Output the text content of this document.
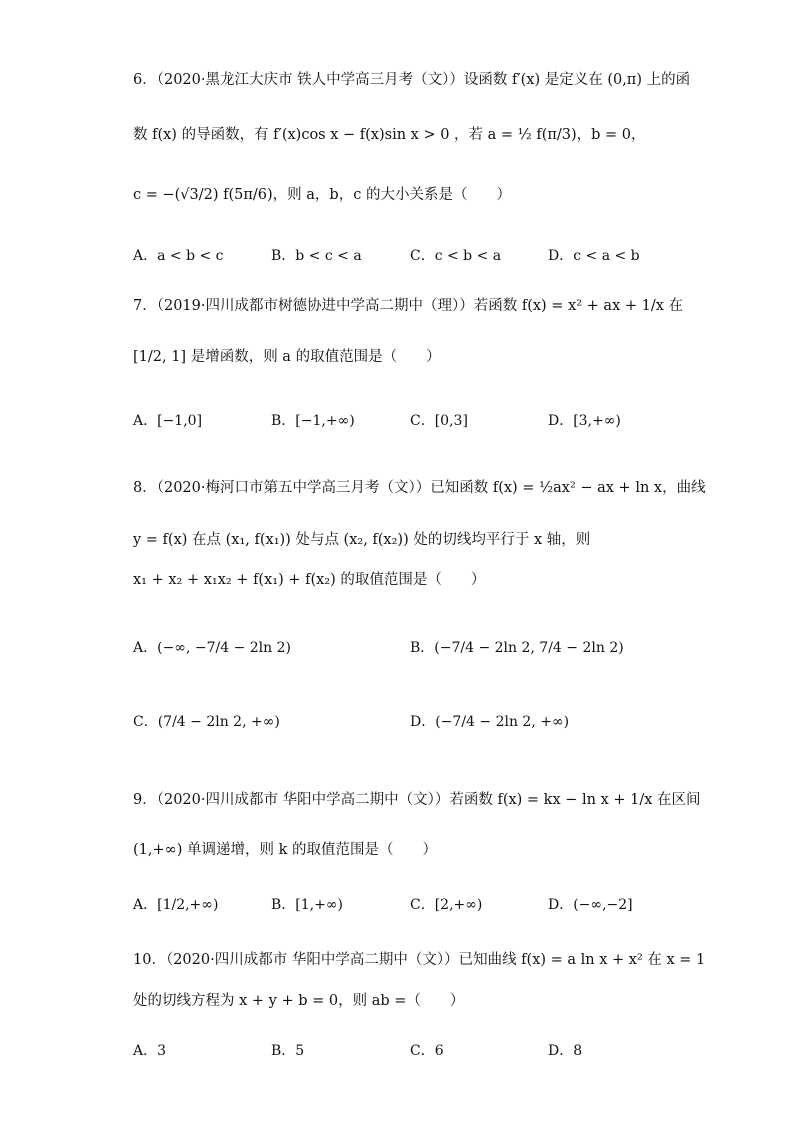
6．（2020·黑龙江大庆市 铁人中学高三月考（文））设函数 f′(x) 是定义在 (0,π) 上的函
数 f(x) 的导函数，有 f′(x)cos x − f(x)sin x > 0 ，若 a = ½ f(π/3)，b = 0，
c = −(√3/2) f(5π/6)，则 a，b，c 的大小关系是（　　）
A．a < b < c	B．b < c < a	C．c < b < a	D．c < a < b
7．（2019·四川成都市树德协进中学高二期中（理））若函数 f(x) = x² + ax + 1/x 在
[1/2, 1] 是增函数，则 a 的取值范围是（　　）
A．[−1,0]	B．[−1,+∞)	C．[0,3]	D．[3,+∞)
8．（2020·梅河口市第五中学高三月考（文））已知函数 f(x) = ½ax² − ax + ln x，曲线
y = f(x) 在点 (x₁, f(x₁)) 处与点 (x₂, f(x₂)) 处的切线均平行于 x 轴，则
x₁ + x₂ + x₁x₂ + f(x₁) + f(x₂) 的取值范围是（　　）
A．(−∞, −7/4 − 2ln 2)	B．(−7/4 − 2ln 2, 7/4 − 2ln 2)
C．(7/4 − 2ln 2, +∞)	D．(−7/4 − 2ln 2, +∞)
9．（2020·四川成都市 华阳中学高二期中（文））若函数 f(x) = kx − ln x + 1/x 在区间
(1,+∞) 单调递增，则 k 的取值范围是（　　）
A．[1/2,+∞)	B．[1,+∞)	C．[2,+∞)	D．(−∞,−2]
10．（2020·四川成都市 华阳中学高二期中（文））已知曲线 f(x) = a ln x + x² 在 x = 1
处的切线方程为 x + y + b = 0，则 ab =（　　）
A．3	B．5	C．6	D．8
